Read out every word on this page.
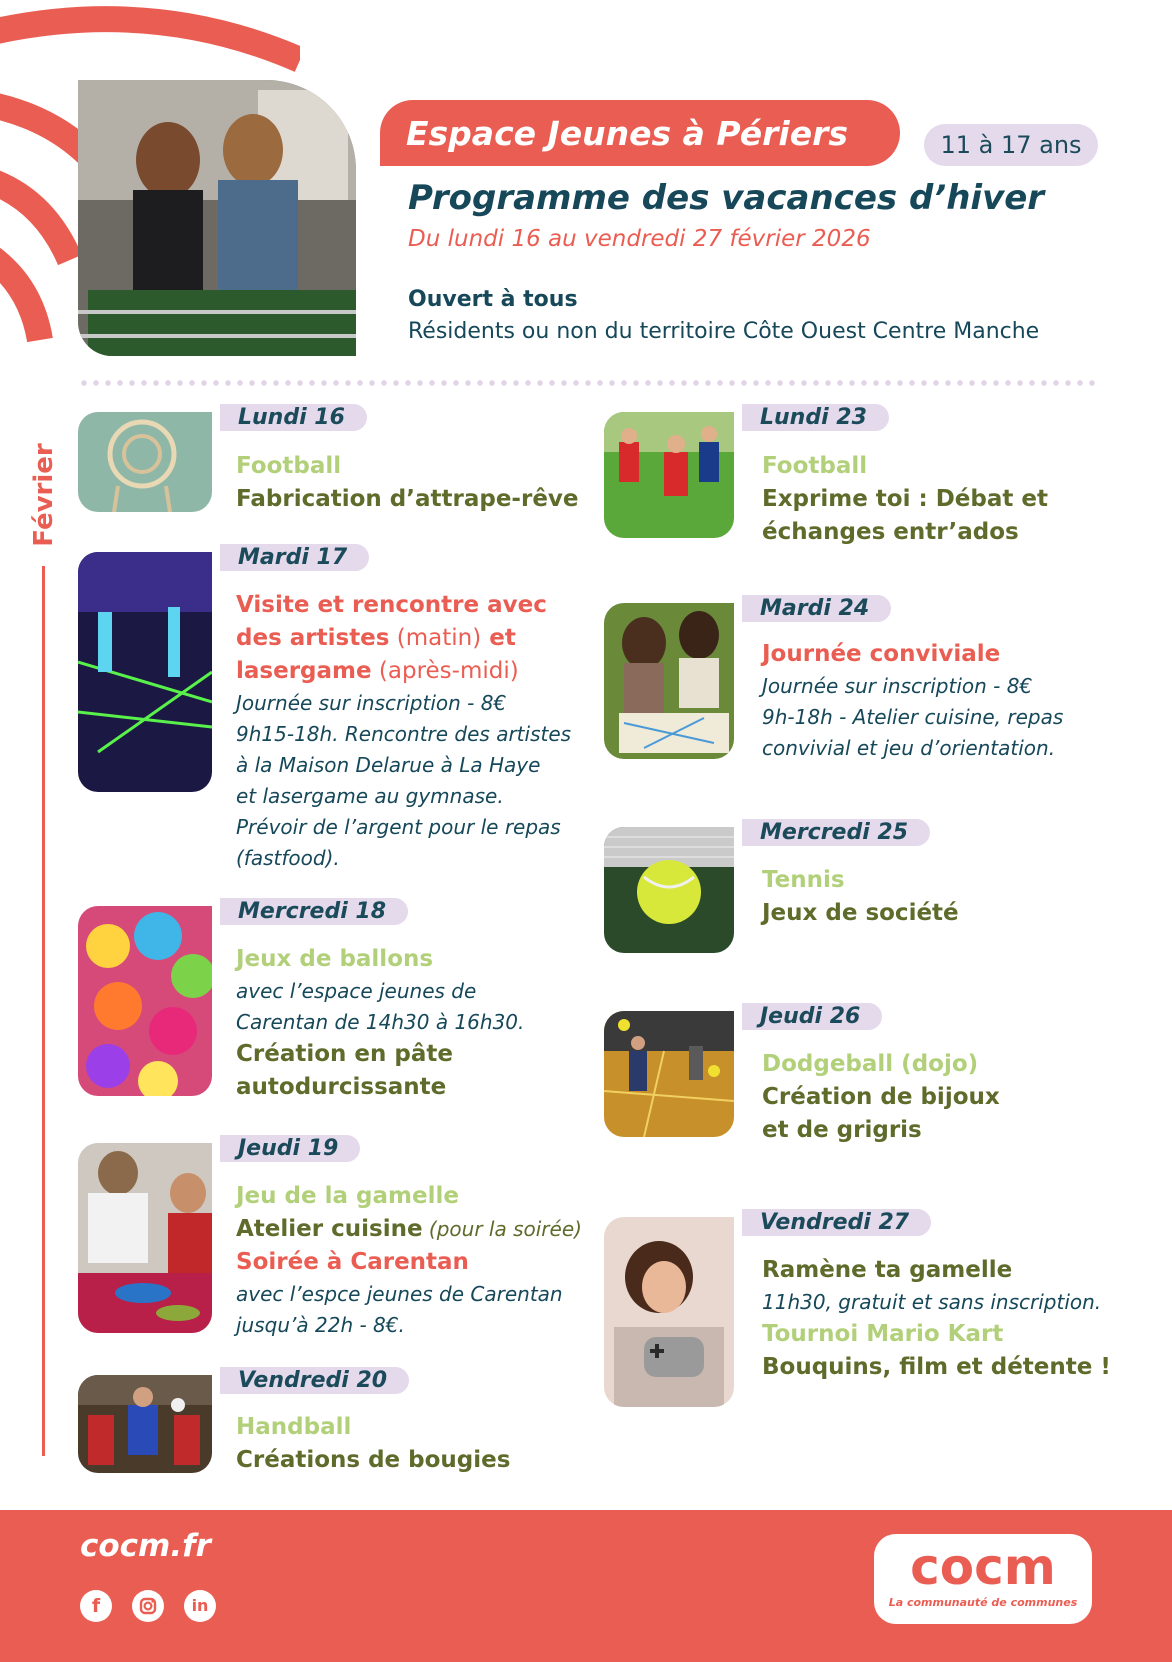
Espace Jeunes à Périers	11 à 17 ans
Programme des vacances d’hiver
Du lundi 16 au vendredi 27 février 2026
Ouvert à tous
Résidents ou non du territoire Côte Ouest Centre Manche
Février
Lundi 16
Football
Fabrication d’attrape-rêve
Mardi 17
Visite et rencontre avec
des artistes (matin) et
lasergame (après-midi)
Journée sur inscription - 8€
9h15-18h. Rencontre des artistes
à la Maison Delarue à La Haye
et lasergame au gymnase.
Prévoir de l’argent pour le repas
(fastfood).
Mercredi 18
Jeux de ballons
avec l’espace jeunes de
Carentan de 14h30 à 16h30.
Création en pâte
autodurcissante
Jeudi 19
Jeu de la gamelle
Atelier cuisine (pour la soirée)
Soirée à Carentan
avec l’espce jeunes de Carentan
jusqu’à 22h - 8€.
Vendredi 20
Handball
Créations de bougies
Lundi 23
Football
Exprime toi : Débat et
échanges entr’ados
Mardi 24
Journée conviviale
Journée sur inscription - 8€
9h-18h - Atelier cuisine, repas
convivial et jeu d’orientation.
Mercredi 25
Tennis
Jeux de société
Jeudi 26
Dodgeball (dojo)
Création de bijoux
et de grigris
Vendredi 27
Ramène ta gamelle
11h30, gratuit et sans inscription.
Tournoi Mario Kart
Bouquins, film et détente !
cocm.fr
f	in
cocm
La communauté de communes
